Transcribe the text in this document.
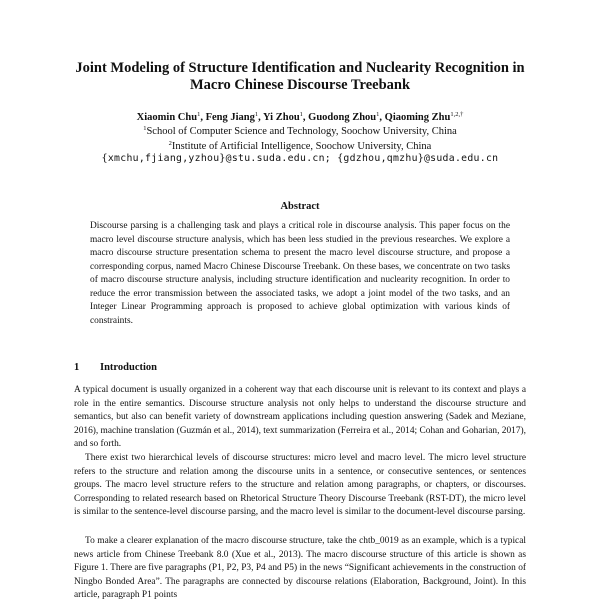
Joint Modeling of Structure Identification and Nuclearity Recognition in
Macro Chinese Discourse Treebank
Xiaomin Chu$^1$, Feng Jiang$^1$, Yi Zhou$^1$, Guodong Zhou$^1$, Qiaoming Zhu$^{1,2,\dagger}$
$^1$School of Computer Science and Technology, Soochow University, China
$^2$Institute of Artificial Intelligence, Soochow University, China
{xmchu,fjiang,yzhou}@stu.suda.edu.cn; {gdzhou,qmzhu}@suda.edu.cn
Abstract
Discourse parsing is a challenging task and plays a critical role in discourse analysis. This paper focus on the macro level discourse structure analysis, which has been less studied in the previous researches. We explore a macro discourse structure presentation schema to present the macro level discourse structure, and propose a corresponding corpus, named Macro Chinese Discourse Treebank. On these bases, we concentrate on two tasks of macro discourse structure analysis, including structure identification and nuclearity recognition. In order to reduce the error transmission between the associated tasks, we adopt a joint model of the two tasks, and an Integer Linear Programming approach is proposed to achieve global optimization with various kinds of constraints.
1 Introduction
A typical document is usually organized in a coherent way that each discourse unit is relevant to its context and plays a role in the entire semantics. Discourse structure analysis not only helps to understand the discourse structure and semantics, but also can benefit variety of downstream applications including question answering (Sadek and Meziane, 2016), machine translation (Guzmán et al., 2014), text summarization (Ferreira et al., 2014; Cohan and Goharian, 2017), and so forth.
There exist two hierarchical levels of discourse structures: micro level and macro level. The micro level structure refers to the structure and relation among the discourse units in a sentence, or consecutive sentences, or sentences groups. The macro level structure refers to the structure and relation among paragraphs, or chapters, or discourses. Corresponding to related research based on Rhetorical Structure Theory Discourse Treebank (RST-DT), the micro level is similar to the sentence-level discourse parsing, and the macro level is similar to the document-level discourse parsing.
To make a clearer explanation of the macro discourse structure, take the chtb_0019 as an example, which is a typical news article from Chinese Treebank 8.0 (Xue et al., 2013). The macro discourse structure of this article is shown as Figure 1. There are five paragraphs (P1, P2, P3, P4 and P5) in the news “Significant achievements in the construction of Ningbo Bonded Area”. The paragraphs are connected by discourse relations (Elaboration, Background, Joint). In this article, paragraph P1 points
